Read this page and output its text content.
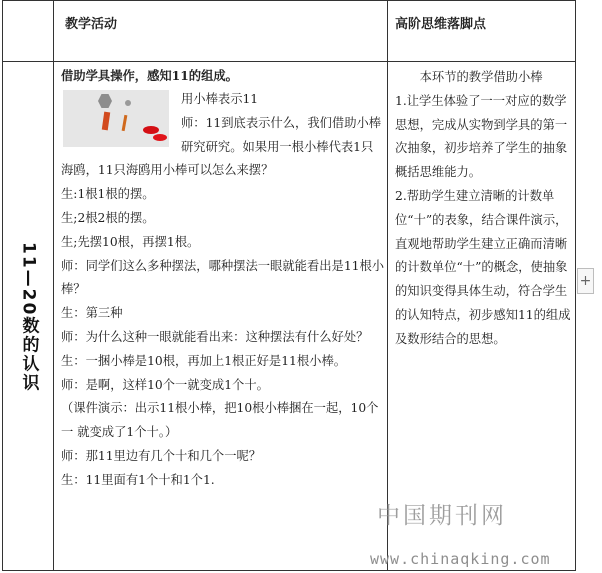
教学活动	高阶思维落脚点
11—20数的认识

借助学具操作，感知11的组成。

用小棒表示11

师：11到底表示什么，我们借助小棒研究研究。如果用一根小棒代表1只海鸥，11只海鸥用小棒可以怎么来摆？

生:1根1根的摆。

生;2根2根的摆。

生;先摆10根，再摆1根。

师：同学们这么多种摆法，哪种摆法一眼就能看出是11根小棒？

生：第三种

师：为什么这种一眼就能看出来：这种摆法有什么好处？

生：一捆小棒是10根，再加上1根正好是11根小棒。

师：是啊，这样10个一就变成1个十。

（课件演示：出示11根小棒，把10根小棒捆在一起，10个一 就变成了1个十。）

师：那11里边有几个十和几个一呢？

生：11里面有1个十和1个1.

本环节的教学借助小棒

1.让学生体验了一一对应的数学思想，完成从实物到学具的第一次抽象，初步培养了学生的抽象概括思维能力。

2.帮助学生建立清晰的计数单位“十”的表象，结合课件演示，直观地帮助学生建立正确而清晰的计数单位“十”的概念，使抽象的知识变得具体生动，符合学生的认知特点，初步感知11的组成及数形结合的思想。

+
中国期刊网
www.chinaqking.com
